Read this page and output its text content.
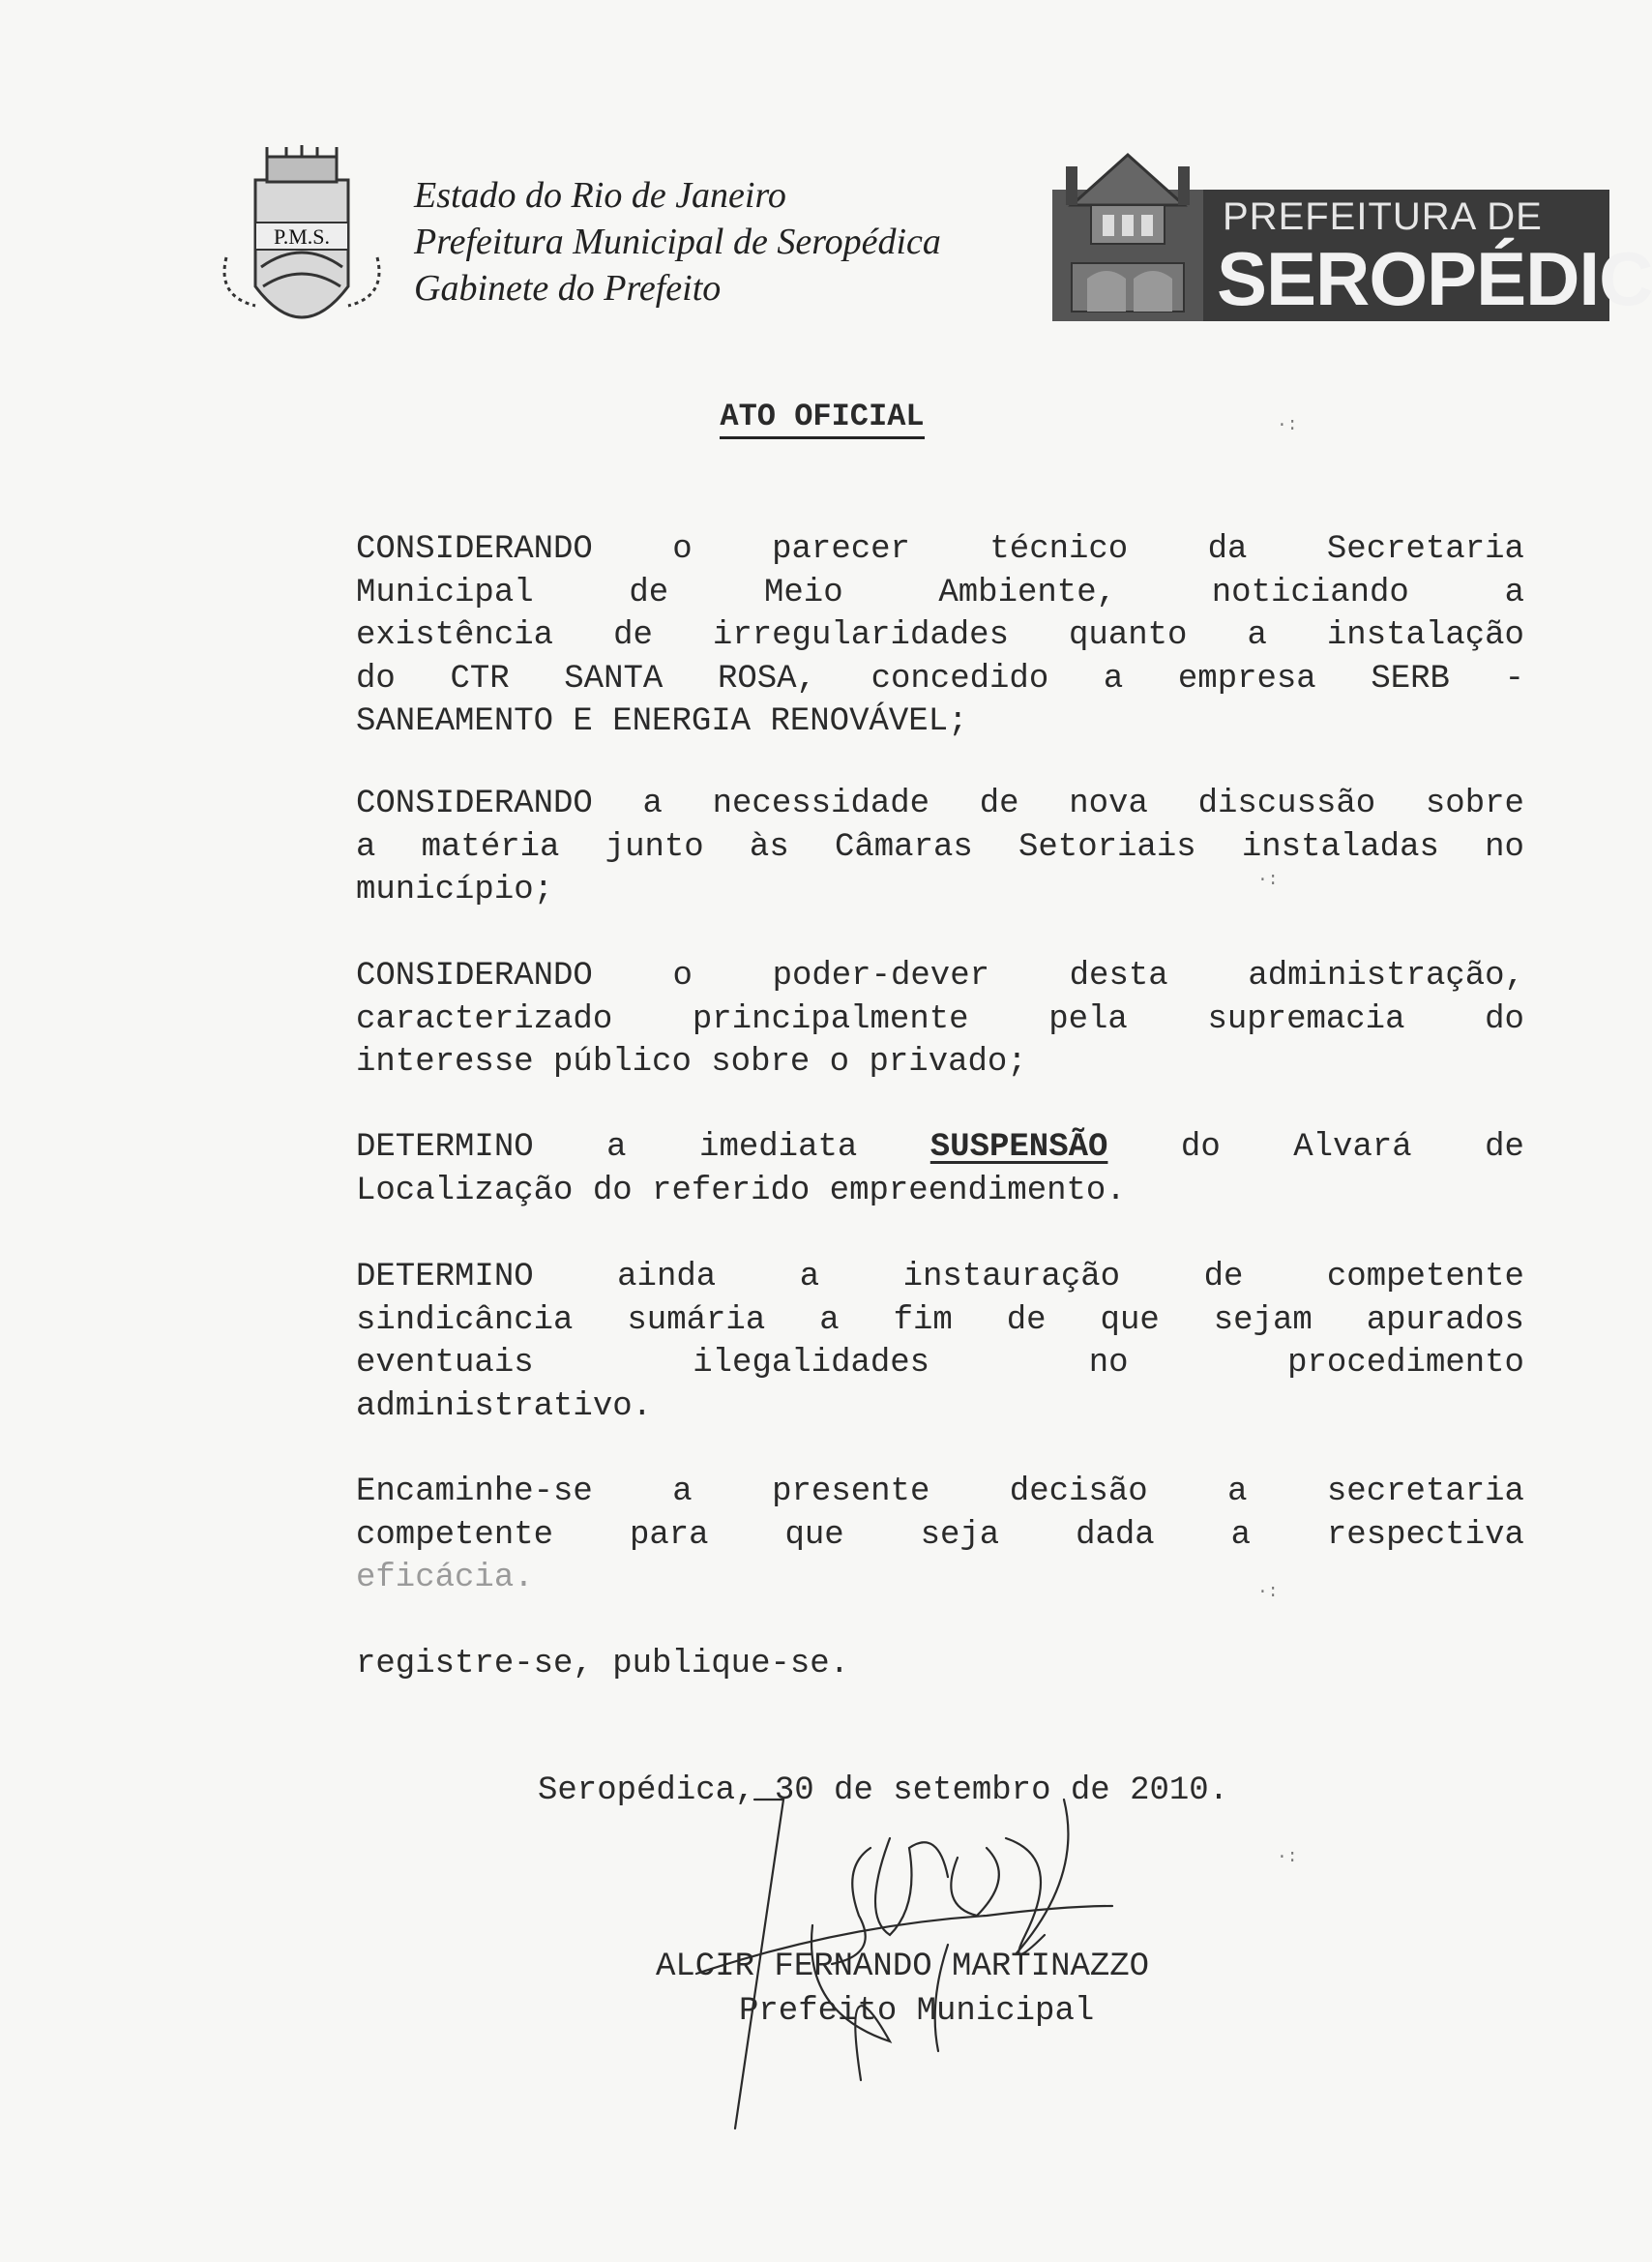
P.M.S.
Estado do Rio de Janeiro
Prefeitura Municipal de Seropédica
Gabinete do Prefeito
PREFEITURA DE
SEROPÉDIC
ATO OFICIAL
CONSIDERANDO o parecer técnico da Secretaria
Municipal	de	Meio	Ambiente,	noticiando	a
existência de irregularidades quanto a instalação
do CTR SANTA ROSA, concedido a empresa SERB -
SANEAMENTO E ENERGIA RENOVÁVEL;
CONSIDERANDO a necessidade de nova discussão sobre
a matéria junto às Câmaras Setoriais instaladas no
município;
CONSIDERANDO o poder-dever desta administração,
caracterizado principalmente pela supremacia do
interesse público sobre o privado;
DETERMINO a imediata SUSPENSÃO do Alvará de
Localização do referido empreendimento.
DETERMINO	ainda	a	instauração	de	competente
sindicância sumária a fim de que sejam apurados
eventuais	ilegalidades	no	procedimento
administrativo.
Encaminhe-se a presente decisão a secretaria
competente para que seja dada a respectiva
eficácia.
registre-se, publique-se.
Seropédica, 30 de setembro de 2010.
ALCIR FERNANDO MARTINAZZO
Prefeito Municipal
·:
·:
·:
·:
